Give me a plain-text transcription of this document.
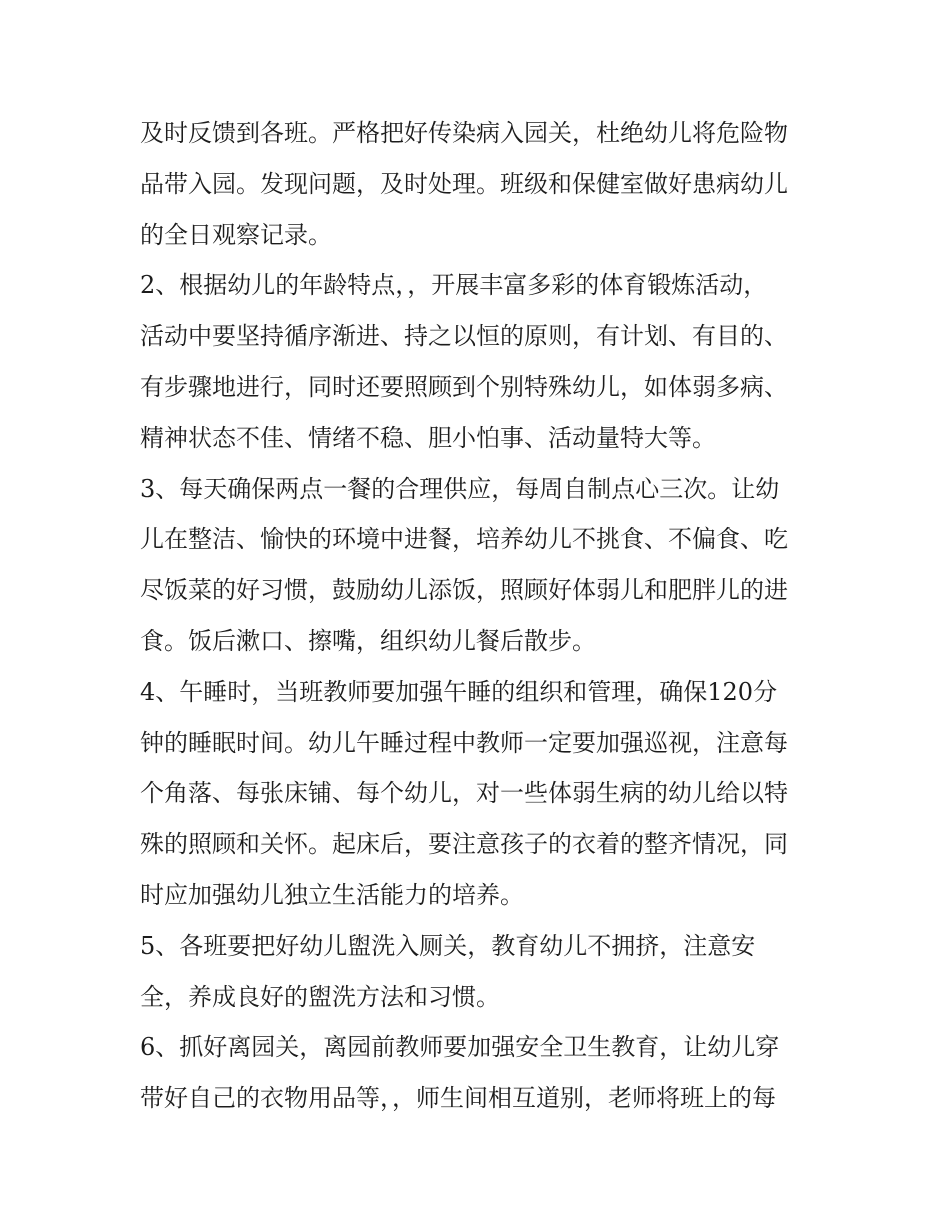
及时反馈到各班。严格把好传染病入园关，杜绝幼儿将危险物
品带入园。发现问题，及时处理。班级和保健室做好患病幼儿
的全日观察记录。
2、根据幼儿的年龄特点，，开展丰富多彩的体育锻炼活动，
活动中要坚持循序渐进、持之以恒的原则，有计划、有目的、
有步骤地进行，同时还要照顾到个别特殊幼儿，如体弱多病、
精神状态不佳、情绪不稳、胆小怕事、活动量特大等。
3、每天确保两点一餐的合理供应，每周自制点心三次。让幼
儿在整洁、愉快的环境中进餐，培养幼儿不挑食、不偏食、吃
尽饭菜的好习惯，鼓励幼儿添饭，照顾好体弱儿和肥胖儿的进
食。饭后漱口、擦嘴，组织幼儿餐后散步。
4、午睡时，当班教师要加强午睡的组织和管理，确保120分
钟的睡眠时间。幼儿午睡过程中教师一定要加强巡视，注意每
个角落、每张床铺、每个幼儿，对一些体弱生病的幼儿给以特
殊的照顾和关怀。起床后，要注意孩子的衣着的整齐情况，同
时应加强幼儿独立生活能力的培养。
5、各班要把好幼儿盥洗入厕关，教育幼儿不拥挤，注意安
全，养成良好的盥洗方法和习惯。
6、抓好离园关，离园前教师要加强安全卫生教育，让幼儿穿
带好自己的衣物用品等，，师生间相互道别，老师将班上的每
